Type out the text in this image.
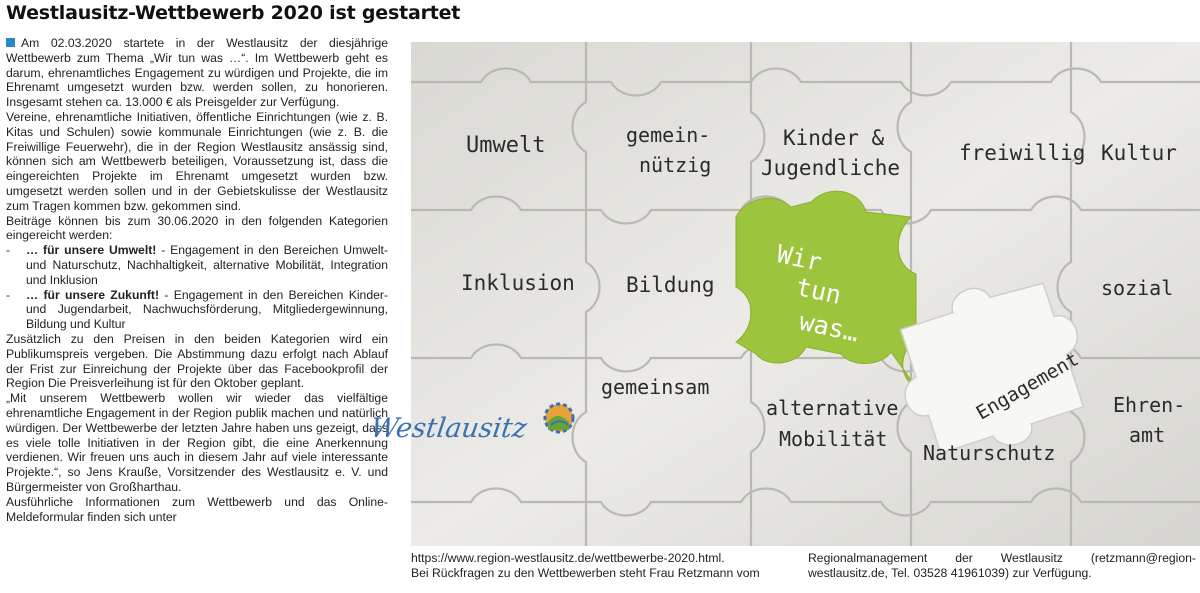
Westlausitz-Wettbewerb 2020 ist gestartet

Am 02.03.2020 startete in der Westlausitz der diesjährige Wettbewerb zum Thema „Wir tun was …“. Im Wettbewerb geht es darum, ehrenamtliches Engagement zu würdigen und Projekte, die im Ehrenamt umgesetzt wurden bzw. werden sollen, zu honorieren. Insgesamt stehen ca. 13.000 € als Preisgelder zur Verfügung.

Vereine, ehrenamtliche Initiativen, öffentliche Einrichtungen (wie z. B. Kitas und Schulen) sowie kommunale Einrichtungen (wie z. B. die Freiwillige Feuerwehr), die in der Region Westlausitz ansässig sind, können sich am Wettbewerb beteiligen, Voraussetzung ist, dass die eingereichten Projekte im Ehrenamt umgesetzt wurden bzw. umgesetzt werden sollen und in der Gebietskulisse der Westlausitz zum Tragen kommen bzw. gekommen sind.

Beiträge können bis zum 30.06.2020 in den folgenden Kategorien eingereicht werden:

-	… für unsere Umwelt! - Engagement in den Bereichen Umwelt- und Naturschutz, Nachhaltigkeit, alternative Mobilität, Integration und Inklusion
-	… für unsere Zukunft! - Engagement in den Bereichen Kinder- und Jugendarbeit, Nachwuchsförderung, Mitgliedergewinnung, Bildung und Kultur

Zusätzlich zu den Preisen in den beiden Kategorien wird ein Publikumspreis vergeben. Die Abstimmung dazu erfolgt nach Ablauf der Frist zur Einreichung der Projekte über das Facebookprofil der Region Die Preisverleihung ist für den Oktober geplant.

„Mit unserem Wettbewerb wollen wir wieder das vielfältige ehrenamtliche Engagement in der Region publik machen und natürlich würdigen. Der Wettbewerbe der letzten Jahre haben uns gezeigt, dass es viele tolle Initiativen in der Region gibt, die eine Anerkennung verdienen. Wir freuen uns auch in diesem Jahr auf viele interessante Projekte.“, so Jens Krauße, Vorsitzender des Westlausitz e. V. und Bürgermeister von Großharthau.

Ausführliche Informationen zum Wettbewerb und das Online-Meldeformular finden sich unter

Umwelt	gemein-
nützig
Kinder &
Jugendliche
freiwillig Kultur
Inklusion Bildung	sozial
gemeinsam
alternative
Mobilität
Naturschutz
Ehren-
amt
Engagement
Wir
tun
was…
Westlausitz

https://www.region-westlausitz.de/wettbewerbe-2020.html.

Bei Rückfragen zu den Wettbewerben steht Frau Retzmann vom

Regionalmanagement der Westlausitz (retzmann@region-westlausitz.de, Tel. 03528 41961039) zur Verfügung.
